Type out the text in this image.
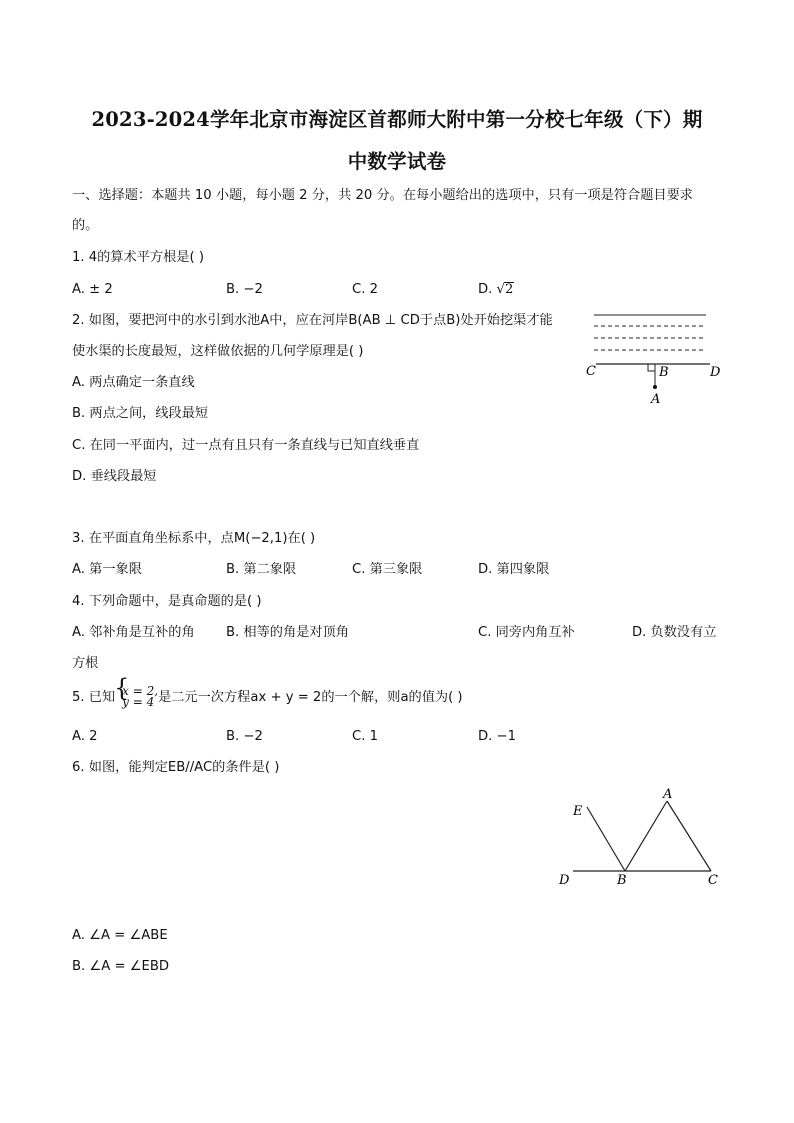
2023-2024学年北京市海淀区首都师大附中第一分校七年级（下）期
中数学试卷
一、选择题：本题共 10 小题，每小题 2 分，共 20 分。在每小题给出的选项中，只有一项是符合题目要求
的。
1. 4的算术平方根是( )
A. ± 2	B. −2	C. 2	D. √2
2. 如图，要把河中的水引到水池A中，应在河岸B(AB ⊥ CD于点B)处开始挖渠才能
使水渠的长度最短，这样做依据的几何学原理是( )
A. 两点确定一条直线
B. 两点之间，线段最短
C. 在同一平面内，过一点有且只有一条直线与已知直线垂直
D. 垂线段最短
C	B	D
A
3. 在平面直角坐标系中，点M(−2,1)在( )
A. 第一象限	B. 第二象限	C. 第三象限	D. 第四象限
4. 下列命题中，是真命题的是( )
A. 邻补角是互补的角 B. 相等的角是对顶角	C. 同旁内角互补	D. 负数没有立
方根
5. 已知
{ x = 2,
y = 4 是二元一次方程ax + y = 2的一个解，则a的值为( )
A. 2	B. −2	C. 1	D. −1
6. 如图，能判定EB//AC的条件是( )
E
A
D	B	C
A. ∠A = ∠ABE
B. ∠A = ∠EBD
